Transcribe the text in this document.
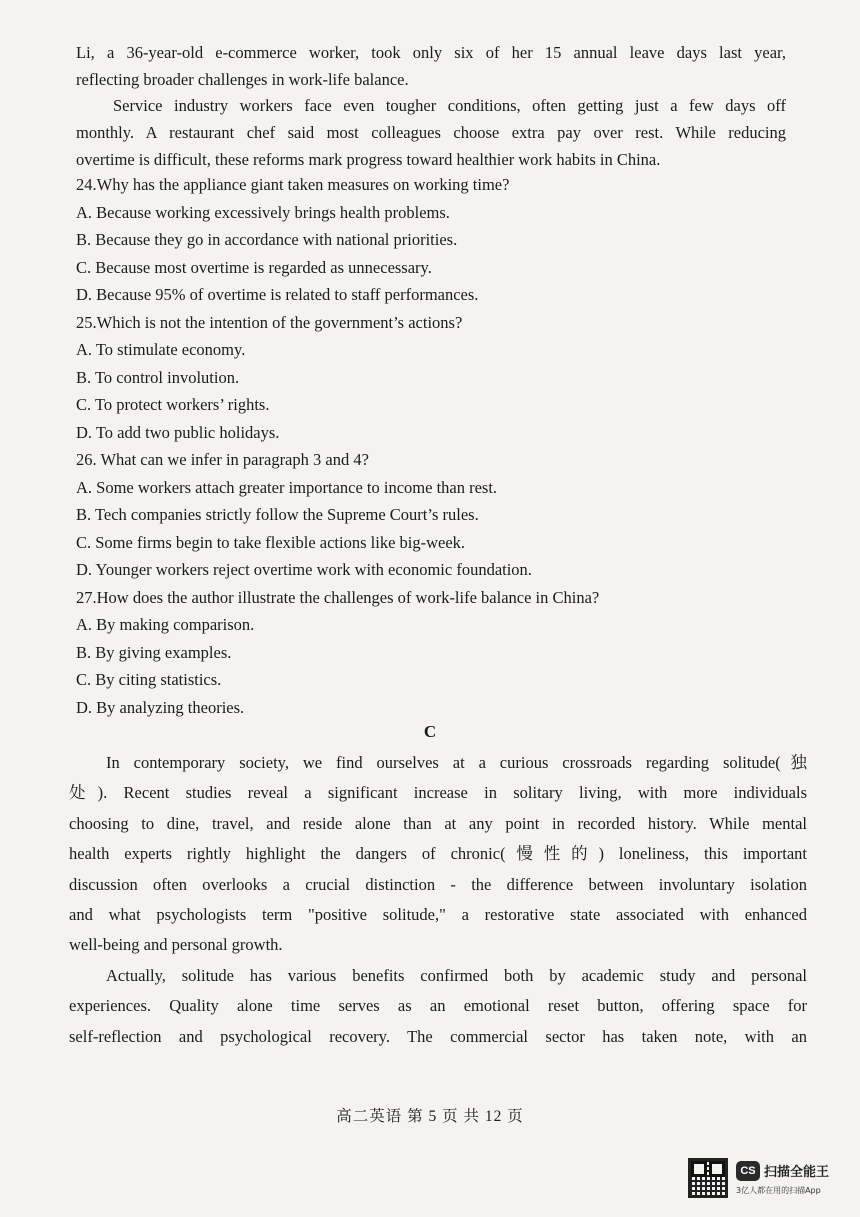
Li, a 36-year-old e-commerce worker, took only six of her 15 annual leave days last year,
reflecting broader challenges in work-life balance.
Service industry workers face even tougher conditions, often getting just a few days off
monthly. A restaurant chef said most colleagues choose extra pay over rest. While reducing
overtime is difficult, these reforms mark progress toward healthier work habits in China.
24.Why has the appliance giant taken measures on working time?
A. Because working excessively brings health problems.
B. Because they go in accordance with national priorities.
C. Because most overtime is regarded as unnecessary.
D. Because 95% of overtime is related to staff performances.
25.Which is not the intention of the government’s actions?
A. To stimulate economy.
B. To control involution.
C. To protect workers’ rights.
D. To add two public holidays.
26. What can we infer in paragraph 3 and 4?
A. Some workers attach greater importance to income than rest.
B. Tech companies strictly follow the Supreme Court’s rules.
C. Some firms begin to take flexible actions like big-week.
D. Younger workers reject overtime work with economic foundation.
27.How does the author illustrate the challenges of work-life balance in China?
A. By making comparison.
B. By giving examples.
C. By citing statistics.
D. By analyzing theories.
C
In contemporary society, we find ourselves at a curious crossroads regarding solitude(独
处). Recent studies reveal a significant increase in solitary living, with more individuals
choosing to dine, travel, and reside alone than at any point in recorded history. While mental
health experts rightly highlight the dangers of chronic(慢性的) loneliness, this important
discussion often overlooks a crucial distinction - the difference between involuntary isolation
and what psychologists term "positive solitude," a restorative state associated with enhanced
well-being and personal growth.
Actually, solitude has various benefits confirmed both by academic study and personal
experiences. Quality alone time serves as an emotional reset button, offering space for
self-reflection and psychological recovery. The commercial sector has taken note, with an
高二英语 第 5 页 共 12 页
CS 扫描全能王
3亿人都在用的扫描App
